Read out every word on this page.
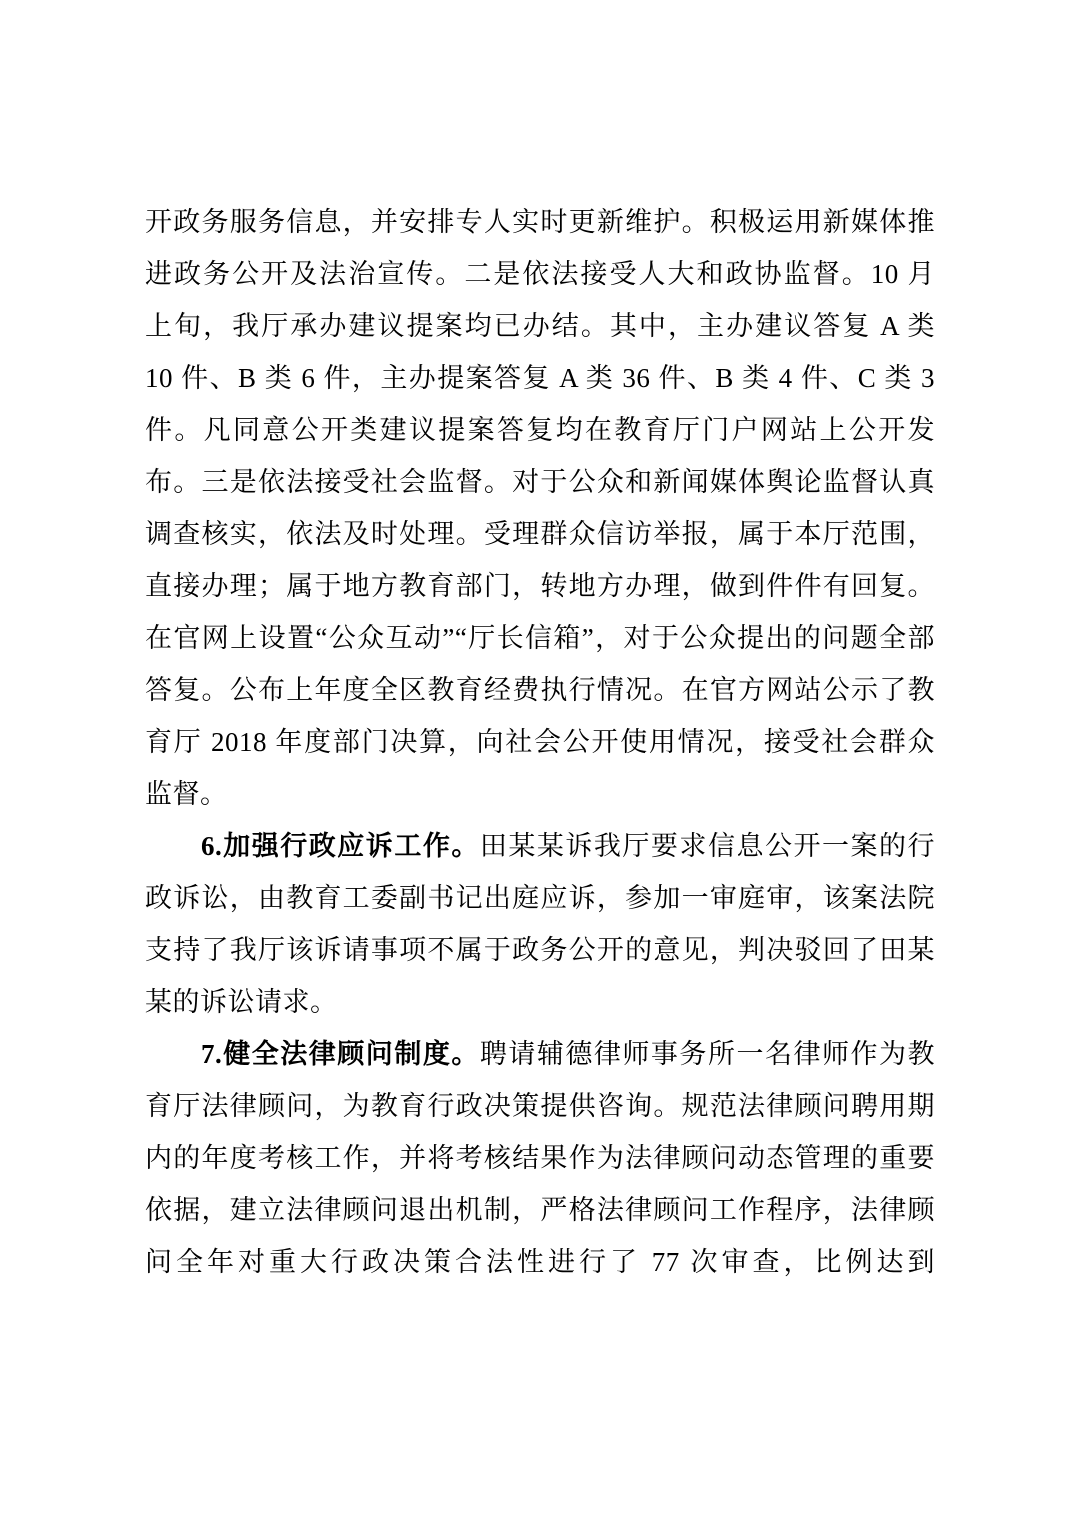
开政务服务信息，并安排专人实时更新维护。积极运用新媒体推
进政务公开及法治宣传。二是依法接受人大和政协监督。10 月
上旬，我厅承办建议提案均已办结。其中，主办建议答复 A 类
10 件、B 类 6 件，主办提案答复 A 类 36 件、B 类 4 件、C 类 3
件。凡同意公开类建议提案答复均在教育厅门户网站上公开发
布。三是依法接受社会监督。对于公众和新闻媒体舆论监督认真
调查核实，依法及时处理。受理群众信访举报，属于本厅范围，
直接办理；属于地方教育部门，转地方办理，做到件件有回复。
在官网上设置“公众互动”“厅长信箱”，对于公众提出的问题全部
答复。公布上年度全区教育经费执行情况。在官方网站公示了教
育厅 2018 年度部门决算，向社会公开使用情况，接受社会群众
监督。
6.加强行政应诉工作。田某某诉我厅要求信息公开一案的行
政诉讼，由教育工委副书记出庭应诉，参加一审庭审，该案法院
支持了我厅该诉请事项不属于政务公开的意见，判决驳回了田某
某的诉讼请求。
7.健全法律顾问制度。聘请辅德律师事务所一名律师作为教
育厅法律顾问，为教育行政决策提供咨询。规范法律顾问聘用期
内的年度考核工作，并将考核结果作为法律顾问动态管理的重要
依据，建立法律顾问退出机制，严格法律顾问工作程序，法律顾
问全年对重大行政决策合法性进行了 77 次审查，比例达到
